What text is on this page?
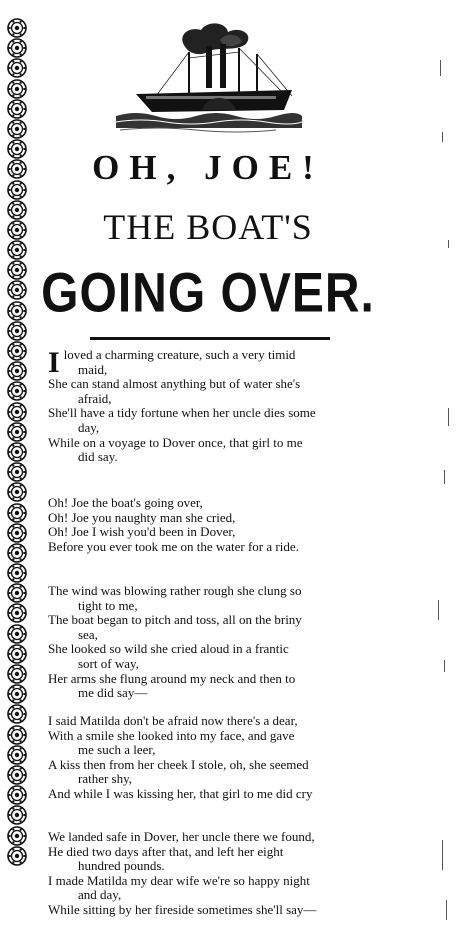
OH, JOE!
THE BOAT'S
GOING OVER.
Iloved a charming creature, such a very timid
maid,
She can stand almost anything but of water she's
afraid,
She'll have a tidy fortune when her uncle dies some
day,
While on a voyage to Dover once, that girl to me
did say.
Oh! Joe the boat's going over,
Oh! Joe you naughty man she cried,
Oh! Joe I wish you'd been in Dover,
Before you ever took me on the water for a ride.
The wind was blowing rather rough she clung so
tight to me,
The boat began to pitch and toss, all on the briny
sea,
She looked so wild she cried aloud in a frantic
sort of way,
Her arms she flung around my neck and then to
me did say—
I said Matilda don't be afraid now there's a dear,
With a smile she looked into my face, and gave
me such a leer,
A kiss then from her cheek I stole, oh, she seemed
rather shy,
And while I was kissing her, that girl to me did cry
We landed safe in Dover, her uncle there we found,
He died two days after that, and left her eight
hundred pounds.
I made Matilda my dear wife we're so happy night
and day,
While sitting by her fireside sometimes she'll say—
